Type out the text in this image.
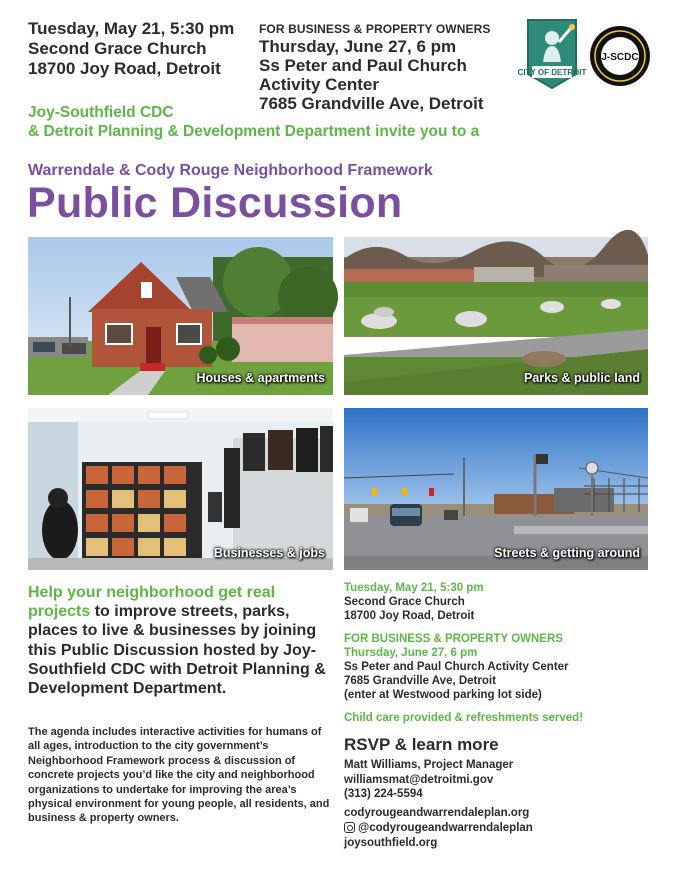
Tuesday, May 21, 5:30 pm
Second Grace Church
18700 Joy Road, Detroit
FOR BUSINESS & PROPERTY OWNERS
Thursday, June 27, 6 pm
Ss Peter and Paul Church
Activity Center
7685 Grandville Ave, Detroit
CITY OF DETROIT
J-SCDC
Joy-Southfield CDC
& Detroit Planning & Development Department invite you to a
Warrendale & Cody Rouge Neighborhood Framework
Public Discussion
Houses & apartments	Parks & public land
Businesses & jobs	Streets & getting around
Help your neighborhood get real projects to improve streets, parks, places to live & businesses by joining this Public Discussion hosted by Joy-Southfield CDC with Detroit Planning & Development Department.
The agenda includes interactive activities for humans of all ages, introduction to the city government’s Neighborhood Framework process & discussion of concrete projects you’d like the city and neighborhood organizations to undertake for improving the area’s physical environment for young people, all residents, and business & property owners.
Tuesday, May 21, 5:30 pm
Second Grace Church
18700 Joy Road, Detroit
FOR BUSINESS & PROPERTY OWNERS
Thursday, June 27, 6 pm
Ss Peter and Paul Church Activity Center
7685 Grandville Ave, Detroit
(enter at Westwood parking lot side)
Child care provided & refreshments served!
RSVP & learn more
Matt Williams, Project Manager
williamsmat@detroitmi.gov
(313) 224-5594
codyrougeandwarrendaleplan.org
@codyrougeandwarrendaleplan
joysouthfield.org
